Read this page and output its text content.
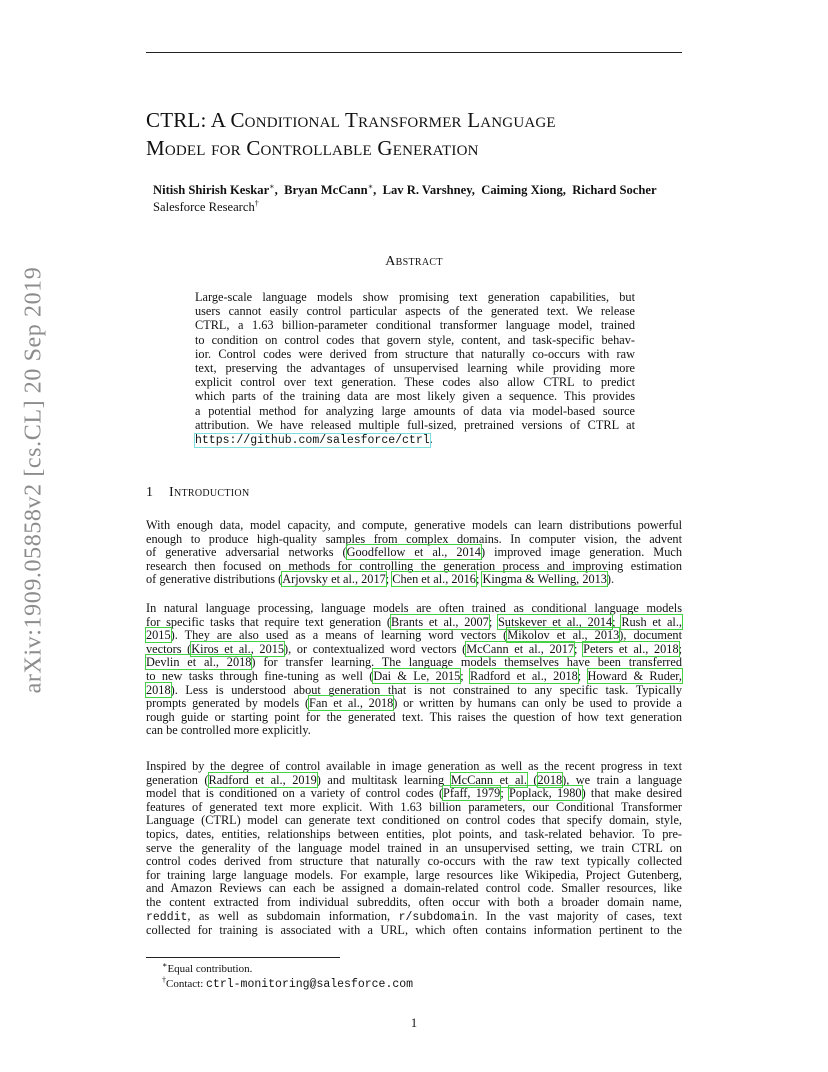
arXiv:1909.05858v2 [cs.CL] 20 Sep 2019
CTRL: A Conditional Transformer Language
Model for Controllable Generation
Nitish Shirish Keskar∗,  Bryan McCann∗,  Lav R. Varshney, Caiming Xiong, Richard Socher
Salesforce Research†
Abstract
Large-scale language models show promising text generation capabilities, but
users cannot easily control particular aspects of the generated text. We release
CTRL, a 1.63 billion-parameter conditional transformer language model, trained
to condition on control codes that govern style, content, and task-specific behav-
ior. Control codes were derived from structure that naturally co-occurs with raw
text, preserving the advantages of unsupervised learning while providing more
explicit control over text generation. These codes also allow CTRL to predict
which parts of the training data are most likely given a sequence. This provides
a potential method for analyzing large amounts of data via model-based source
attribution. We have released multiple full-sized, pretrained versions of CTRL at
https://github.com/salesforce/ctrl.
1 Introduction
With enough data, model capacity, and compute, generative models can learn distributions powerful
enough to produce high-quality samples from complex domains. In computer vision, the advent
of generative adversarial networks (Goodfellow et al., 2014) improved image generation. Much
research then focused on methods for controlling the generation process and improving estimation
of generative distributions (Arjovsky et al., 2017; Chen et al., 2016; Kingma & Welling, 2013).
In natural language processing, language models are often trained as conditional language models
for specific tasks that require text generation (Brants et al., 2007; Sutskever et al., 2014; Rush et al.,
2015). They are also used as a means of learning word vectors (Mikolov et al., 2013), document
vectors (Kiros et al., 2015), or contextualized word vectors (McCann et al., 2017; Peters et al., 2018;
Devlin et al., 2018) for transfer learning. The language models themselves have been transferred
to new tasks through fine-tuning as well (Dai & Le, 2015; Radford et al., 2018; Howard & Ruder,
2018). Less is understood about generation that is not constrained to any specific task. Typically
prompts generated by models (Fan et al., 2018) or written by humans can only be used to provide a
rough guide or starting point for the generated text. This raises the question of how text generation
can be controlled more explicitly.
Inspired by the degree of control available in image generation as well as the recent progress in text
generation (Radford et al., 2019) and multitask learning McCann et al. (2018), we train a language
model that is conditioned on a variety of control codes (Pfaff, 1979; Poplack, 1980) that make desired
features of generated text more explicit. With 1.63 billion parameters, our Conditional Transformer
Language (CTRL) model can generate text conditioned on control codes that specify domain, style,
topics, dates, entities, relationships between entities, plot points, and task-related behavior. To pre-
serve the generality of the language model trained in an unsupervised setting, we train CTRL on
control codes derived from structure that naturally co-occurs with the raw text typically collected
for training large language models. For example, large resources like Wikipedia, Project Gutenberg,
and Amazon Reviews can each be assigned a domain-related control code. Smaller resources, like
the content extracted from individual subreddits, often occur with both a broader domain name,
reddit, as well as subdomain information, r/subdomain. In the vast majority of cases, text
collected for training is associated with a URL, which often contains information pertinent to the
∗Equal contribution.
†Contact: ctrl-monitoring@salesforce.com
1
